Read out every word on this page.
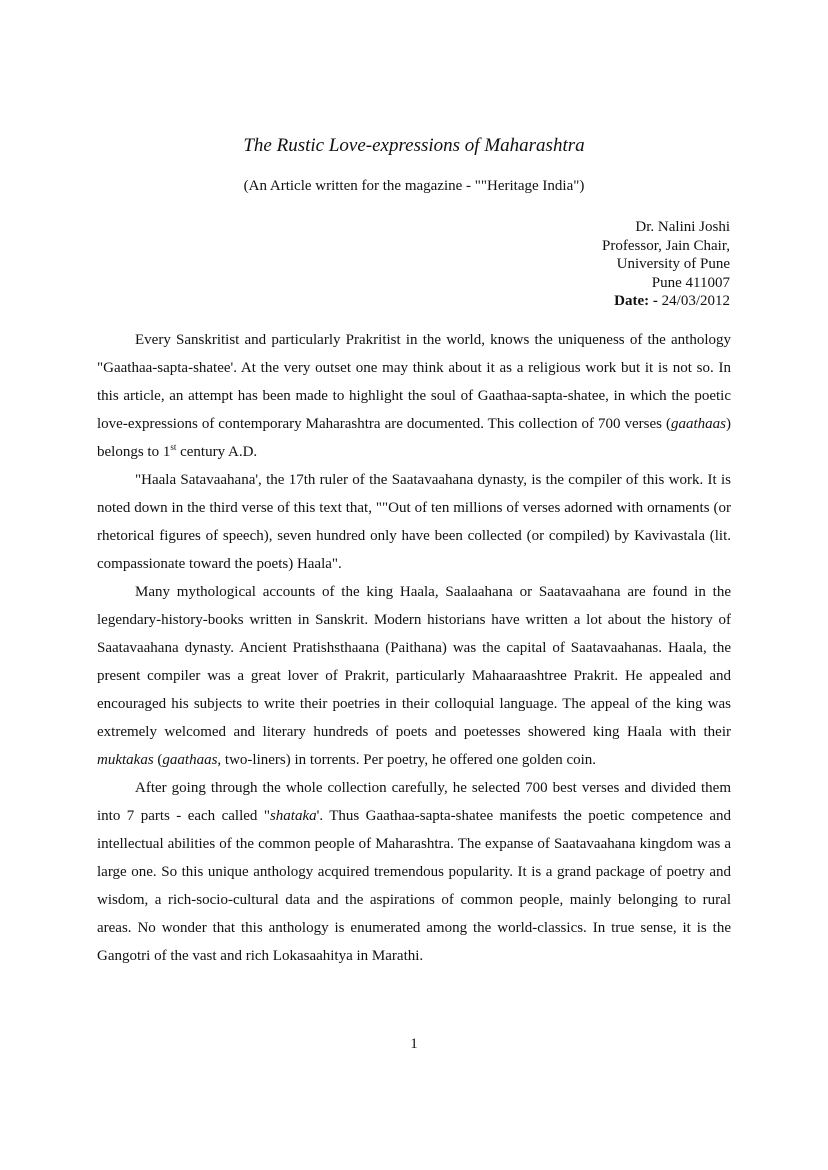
The Rustic Love-expressions of Maharashtra
(An Article written for the magazine - ""Heritage India")
Dr. Nalini Joshi
Professor, Jain Chair,
University of Pune
Pune 411007
Date: - 24/03/2012

Every Sanskritist and particularly Prakritist in the world, knows the uniqueness of the anthology "Gaathaa-sapta-shatee'. At the very outset one may think about it as a religious work but it is not so. In this article, an attempt has been made to highlight the soul of Gaathaa-sapta-shatee, in which the poetic love-expressions of contemporary Maharashtra are documented. This collection of 700 verses (gaathaas) belongs to 1st century A.D.

"Haala Satavaahana', the 17th ruler of the Saatavaahana dynasty, is the compiler of this work. It is noted down in the third verse of this text that, ""Out of ten millions of verses adorned with ornaments (or rhetorical figures of speech), seven hundred only have been collected (or compiled) by Kavivastala (lit. compassionate toward the poets) Haala".

Many mythological accounts of the king Haala, Saalaahana or Saatavaahana are found in the legendary-history-books written in Sanskrit. Modern historians have written a lot about the history of Saatavaahana dynasty. Ancient Pratishsthaana (Paithana) was the capital of Saatavaahanas. Haala, the present compiler was a great lover of Prakrit, particularly Mahaaraashtree Prakrit. He appealed and encouraged his subjects to write their poetries in their colloquial language. The appeal of the king was extremely welcomed and literary hundreds of poets and poetesses showered king Haala with their muktakas (gaathaas, two-liners) in torrents. Per poetry, he offered one golden coin.

After going through the whole collection carefully, he selected 700 best verses and divided them into 7 parts - each called "shataka'. Thus Gaathaa-sapta-shatee manifests the poetic competence and intellectual abilities of the common people of Maharashtra. The expanse of Saatavaahana kingdom was a large one. So this unique anthology acquired tremendous popularity. It is a grand package of poetry and wisdom, a rich-socio-cultural data and the aspirations of common people, mainly belonging to rural areas. No wonder that this anthology is enumerated among the world-classics. In true sense, it is the Gangotri of the vast and rich Lokasaahitya in Marathi.

1
